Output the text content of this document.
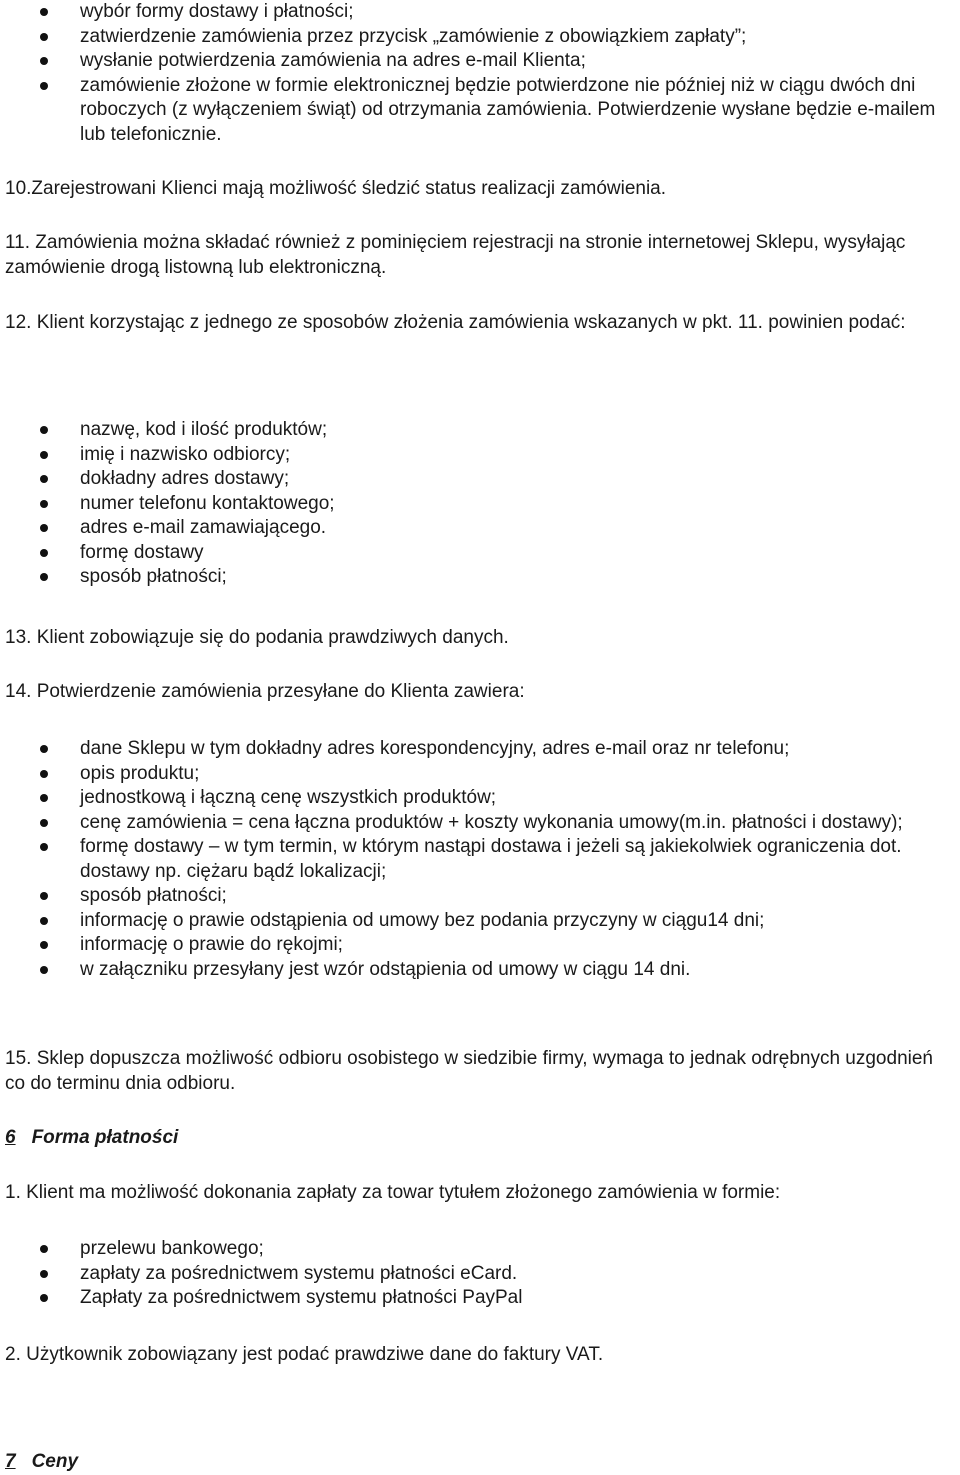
wybór formy dostawy i płatności;
zatwierdzenie zamówienia przez przycisk „zamówienie z obowiązkiem zapłaty”;
wysłanie potwierdzenia zamówienia na adres e-mail Klienta;
zamówienie złożone w formie elektronicznej będzie potwierdzone nie później niż w ciągu dwóch dni roboczych (z wyłączeniem świąt) od otrzymania zamówienia. Potwierdzenie wysłane będzie e-mailem lub telefonicznie.

10.Zarejestrowani Klienci mają możliwość śledzić status realizacji zamówienia.

11. Zamówienia można składać również z pominięciem rejestracji na stronie internetowej Sklepu, wysyłając zamówienie drogą listowną lub elektroniczną.

12. Klient korzystając z jednego ze sposobów złożenia zamówienia wskazanych w pkt. 11. powinien podać:

nazwę, kod i ilość produktów;
imię i nazwisko odbiorcy;
dokładny adres dostawy;
numer telefonu kontaktowego;
adres e-mail zamawiającego.
formę dostawy
sposób płatności;

13. Klient zobowiązuje się do podania prawdziwych danych.

14. Potwierdzenie zamówienia przesyłane do Klienta zawiera:

dane Sklepu w tym dokładny adres korespondencyjny, adres e-mail oraz nr telefonu;
opis produktu;
jednostkową i łączną cenę wszystkich produktów;
cenę zamówienia = cena łączna produktów + koszty wykonania umowy(m.in. płatności i dostawy);
formę dostawy – w tym termin, w którym nastąpi dostawa i jeżeli są jakiekolwiek ograniczenia dot. dostawy np. ciężaru bądź lokalizacji;
sposób płatności;
informację o prawie odstąpienia od umowy bez podania przyczyny w ciągu14 dni;
informację o prawie do rękojmi;
w załączniku przesyłany jest wzór odstąpienia od umowy w ciągu 14 dni.

15. Sklep dopuszcza możliwość odbioru osobistego w siedzibie firmy, wymaga to jednak odrębnych uzgodnień co do terminu dnia odbioru.

6 Forma płatności

1. Klient ma możliwość dokonania zapłaty za towar tytułem złożonego zamówienia w formie:

przelewu bankowego;
zapłaty za pośrednictwem systemu płatności eCard.
Zapłaty za pośrednictwem systemu płatności PayPal

2. Użytkownik zobowiązany jest podać prawdziwe dane do faktury VAT.

7 Ceny
